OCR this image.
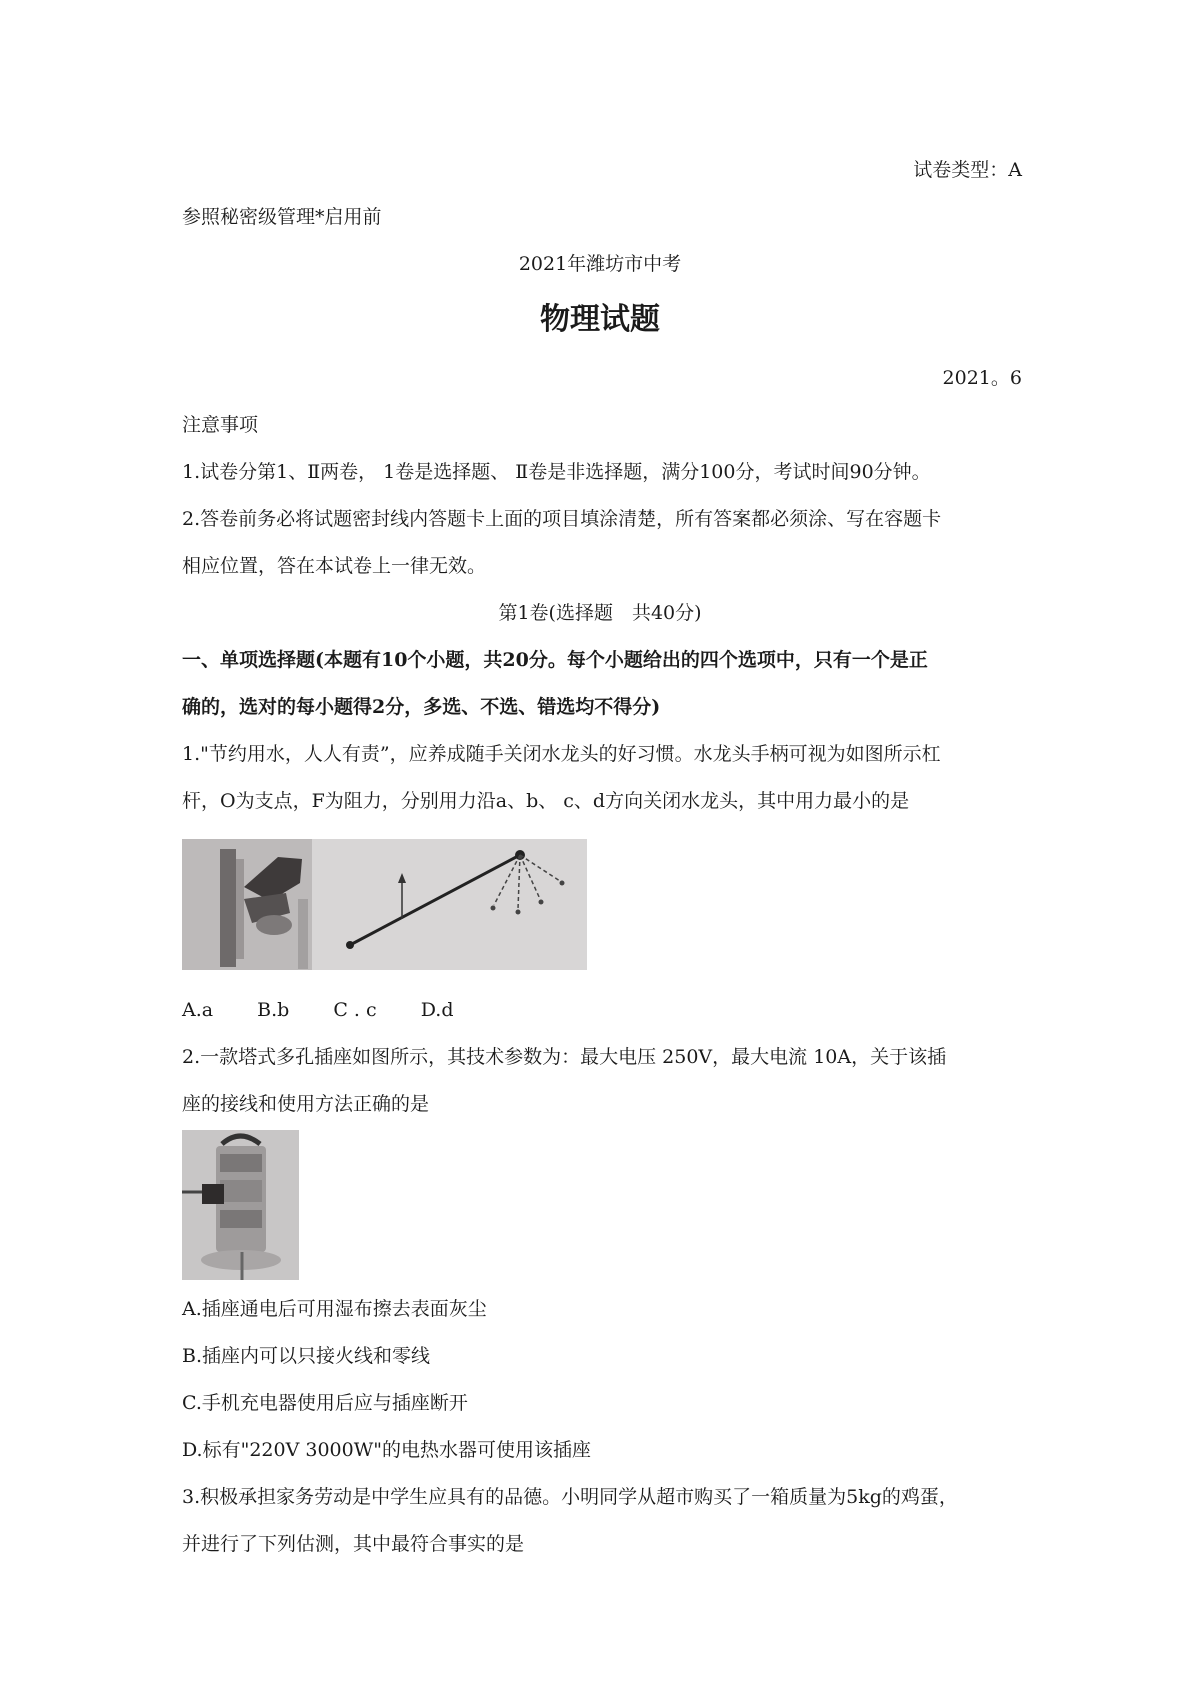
试卷类型：A
参照秘密级管理*启用前
2021年潍坊市中考
物理试题
2021。6
注意事项
1.试卷分第1、Ⅱ两卷， 1卷是选择题、 Ⅱ卷是非选择题，满分100分，考试时间90分钟。
2.答卷前务必将试题密封线内答题卡上面的项目填涂清楚，所有答案都必须涂、写在容题卡
相应位置，答在本试卷上一律无效。
第1卷(选择题　共40分)
一、单项选择题(本题有10个小题，共20分。每个小题给出的四个选项中，只有一个是正
确的，选对的每小题得2分，多选、不选、错选均不得分)
1."节约用水，人人有责”，应养成随手关闭水龙头的好习惯。水龙头手柄可视为如图所示杠
杆，O为支点，F为阻力，分别用力沿a、b、 c、d方向关闭水龙头，其中用力最小的是
A.a B.b C . c D.d
2.一款塔式多孔插座如图所示，其技术参数为：最大电压 250V，最大电流 10A，关于该插
座的接线和使用方法正确的是
A.插座通电后可用湿布擦去表面灰尘
B.插座内可以只接火线和零线
C.手机充电器使用后应与插座断开
D.标有"220V 3000W"的电热水器可使用该插座
3.积极承担家务劳动是中学生应具有的品德。小明同学从超市购买了一箱质量为5kg的鸡蛋，
并进行了下列估测，其中最符合事实的是
